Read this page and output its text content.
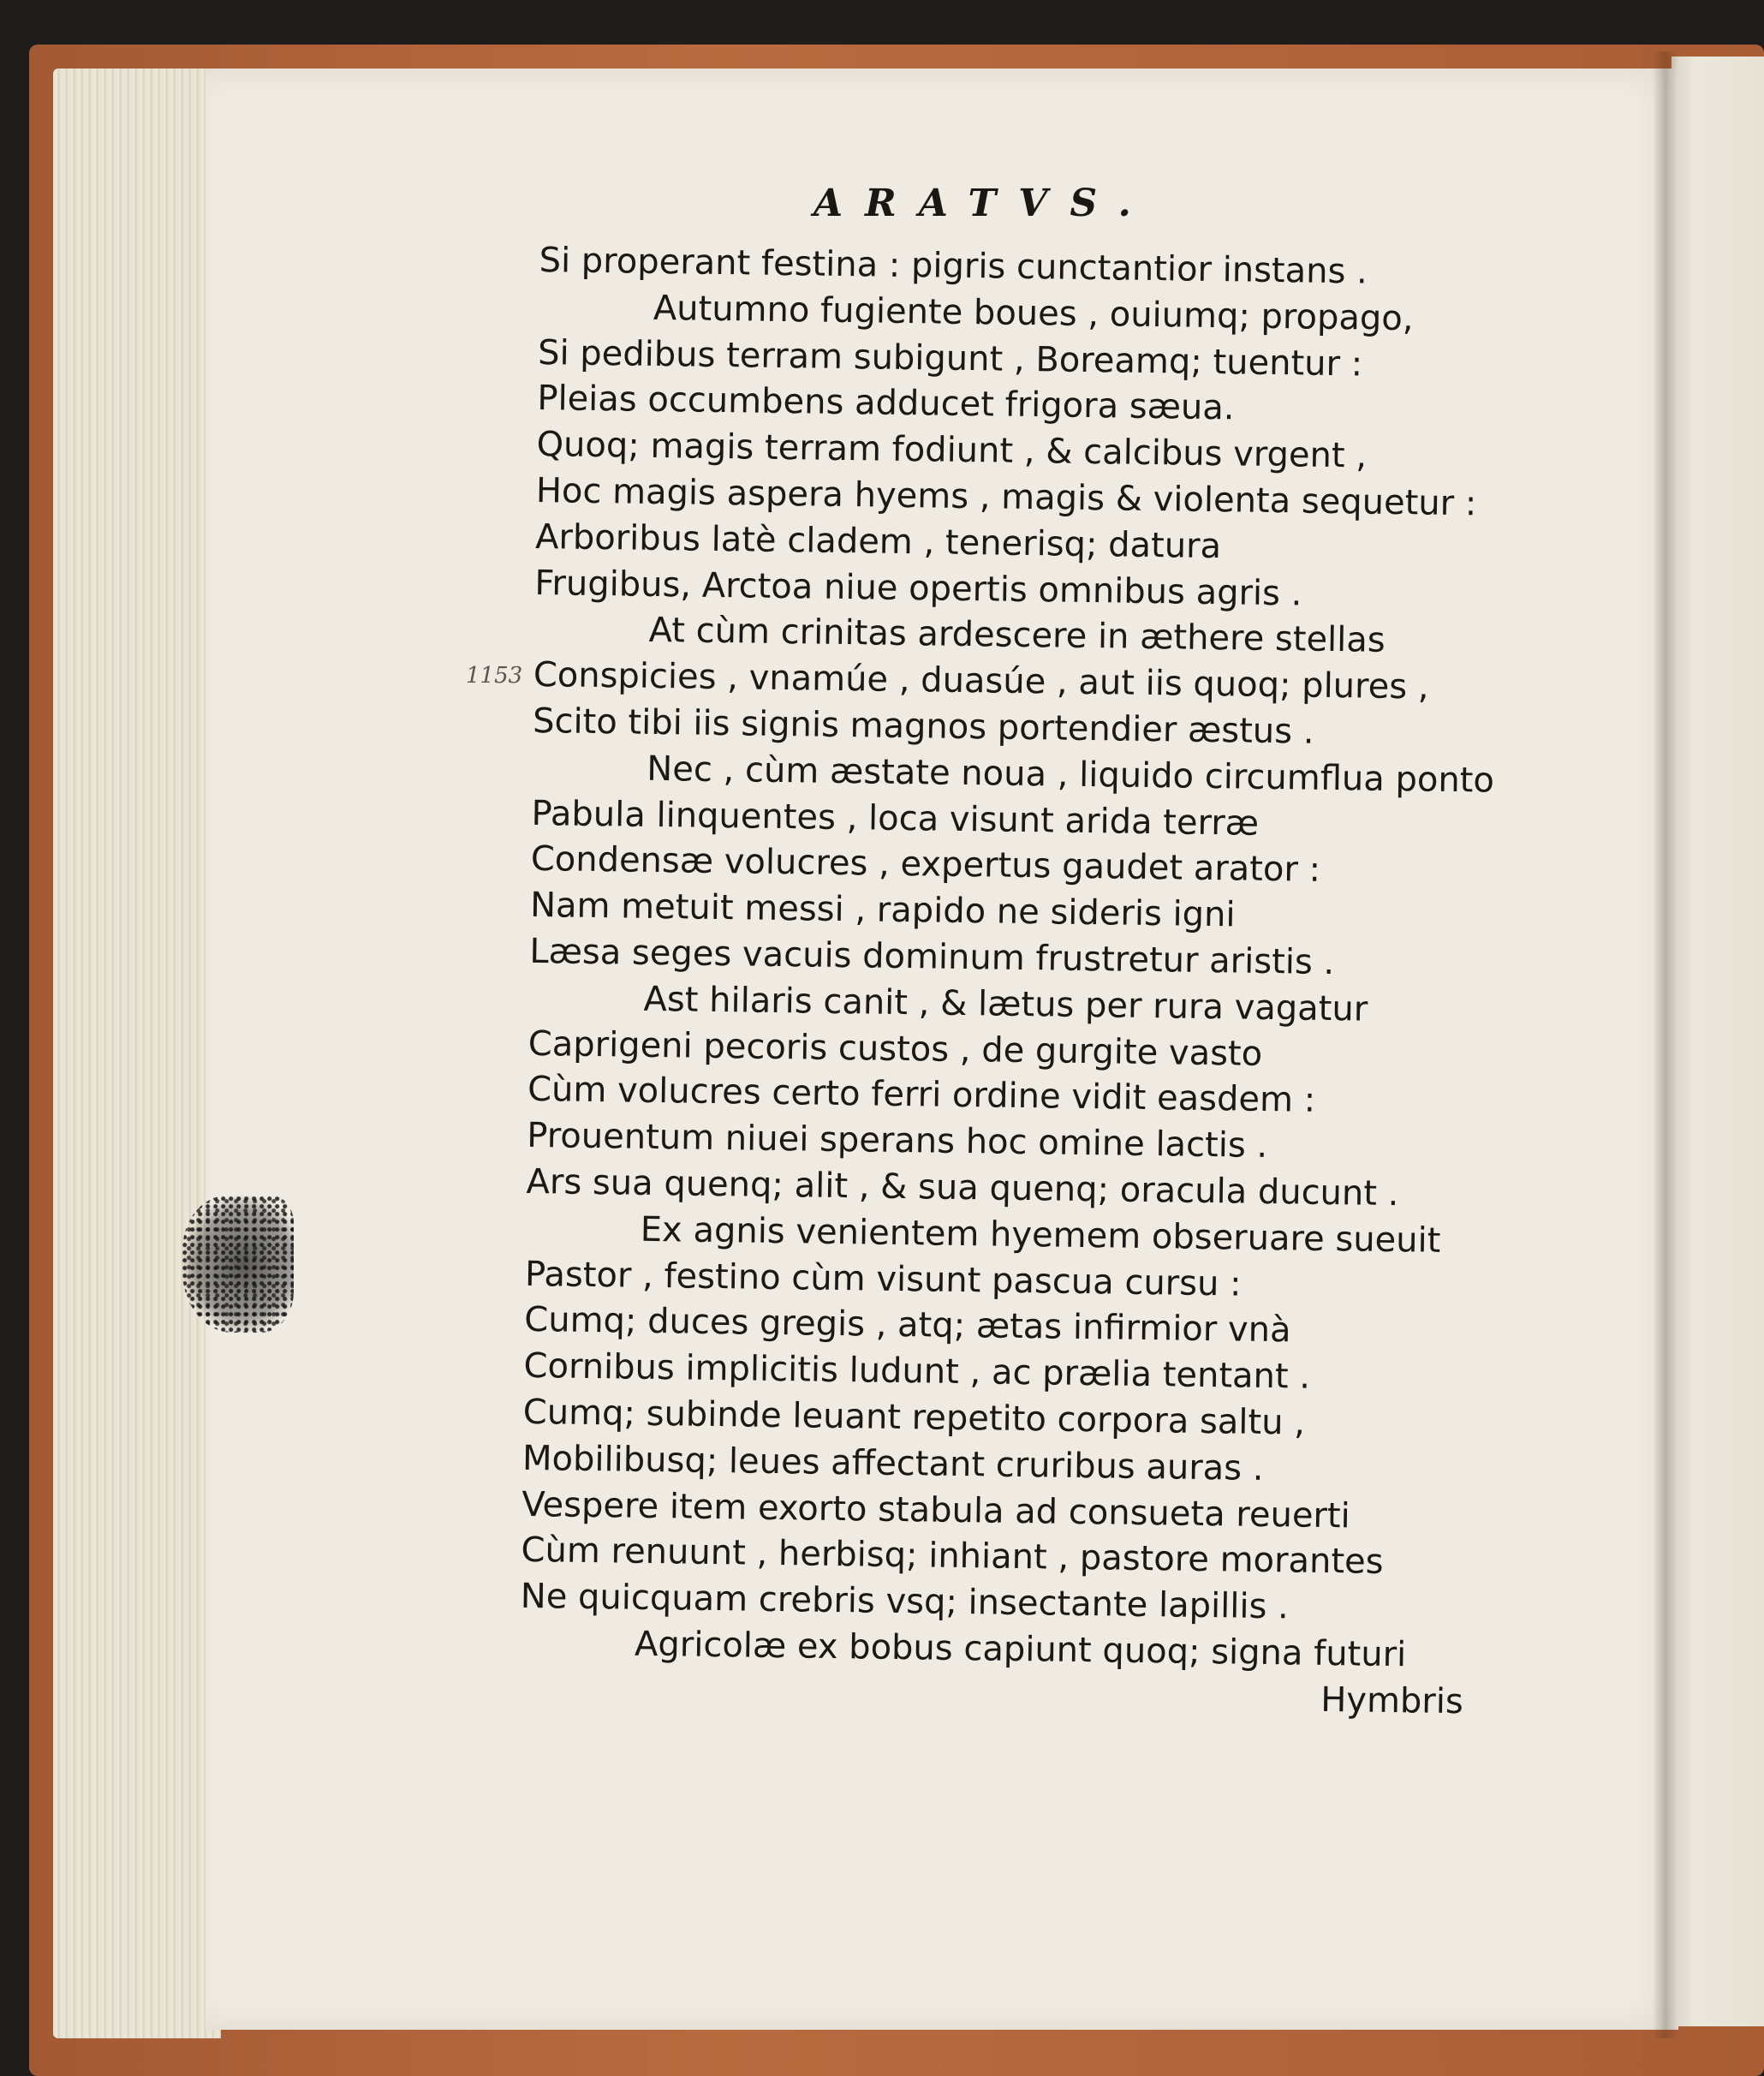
ARATVS.
1153
Si properant festina : pigris cunctantior instans .
Autumno fugiente boues , ouiumq; propago,
Si pedibus terram subigunt , Boreamq; tuentur :
Pleias occumbens adducet frigora sæua.
Quoq; magis terram fodiunt , & calcibus vrgent ,
Hoc magis aspera hyems , magis & violenta sequetur :
Arboribus latè cladem , tenerisq; datura
Frugibus, Arctoa niue opertis omnibus agris .
At cùm crinitas ardescere in æthere stellas
Conspicies , vnamúe , duasúe , aut iis quoq; plures ,
Scito tibi iis signis magnos portendier æstus .
Nec , cùm æstate noua , liquido circumflua ponto
Pabula linquentes , loca visunt arida terræ
Condensæ volucres , expertus gaudet arator :
Nam metuit messi , rapido ne sideris igni
Læsa seges vacuis dominum frustretur aristis .
Ast hilaris canit , & lætus per rura vagatur
Caprigeni pecoris custos , de gurgite vasto
Cùm volucres certo ferri ordine vidit easdem :
Prouentum niuei sperans hoc omine lactis .
Ars sua quenq; alit , & sua quenq; oracula ducunt .
Ex agnis venientem hyemem obseruare sueuit
Pastor , festino cùm visunt pascua cursu :
Cumq; duces gregis , atq; ætas infirmior vnà
Cornibus implicitis ludunt , ac prælia tentant .
Cumq; subinde leuant repetito corpora saltu ,
Mobilibusq; leues affectant cruribus auras .
Vespere item exorto stabula ad consueta reuerti
Cùm renuunt , herbisq; inhiant , pastore morantes
Ne quicquam crebris vsq; insectante lapillis .
Agricolæ ex bobus capiunt quoq; signa futuri
Hymbris
